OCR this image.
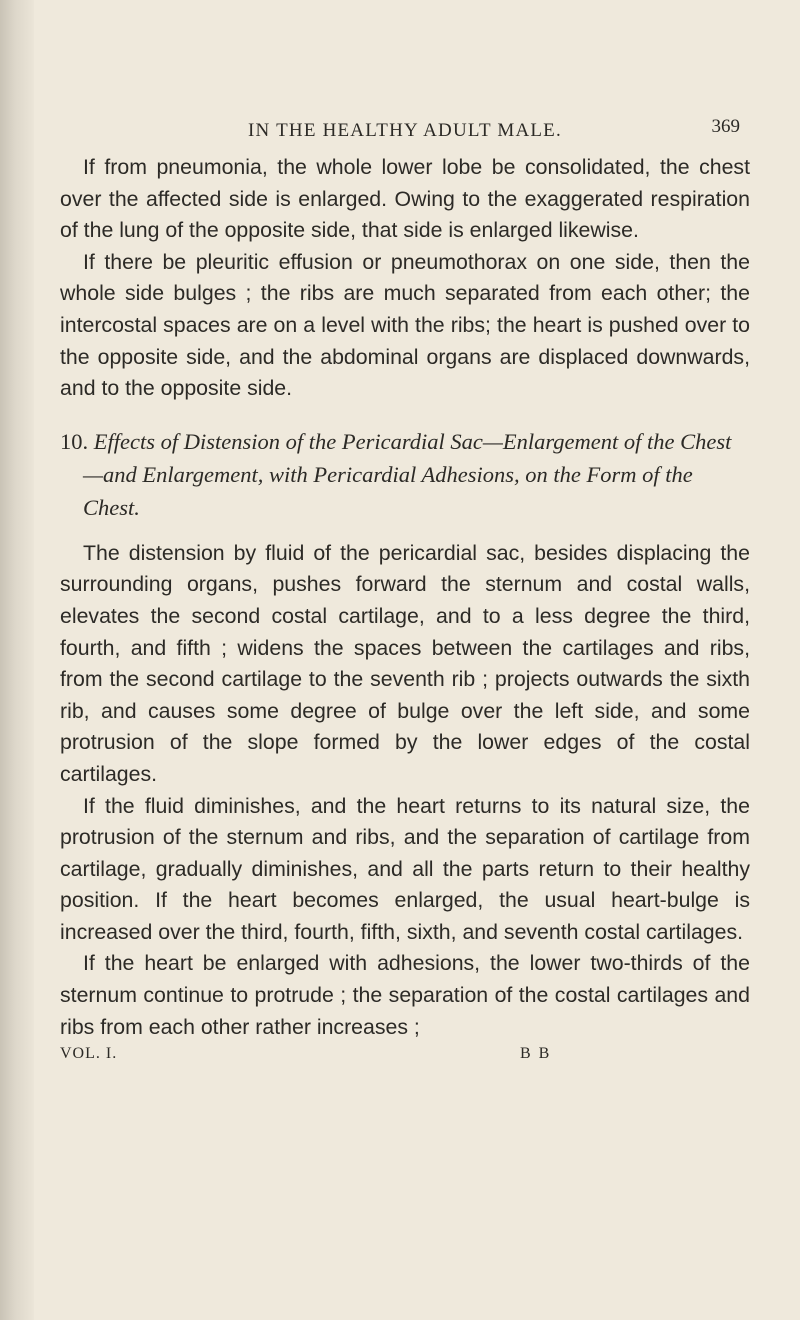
IN THE HEALTHY ADULT MALE.	369

If from pneumonia, the whole lower lobe be consolidated, the chest over the affected side is enlarged. Owing to the exaggerated respiration of the lung of the opposite side, that side is enlarged likewise.

If there be pleuritic effusion or pneumothorax on one side, then the whole side bulges ; the ribs are much separated from each other; the intercostal spaces are on a level with the ribs; the heart is pushed over to the opposite side, and the abdominal organs are displaced downwards, and to the opposite side.

10. Effects of Distension of the Pericardial Sac—Enlargement of the Chest—and Enlargement, with Pericardial Adhesions, on the Form of the Chest.

The distension by fluid of the pericardial sac, besides displacing the surrounding organs, pushes forward the sternum and costal walls, elevates the second costal cartilage, and to a less degree the third, fourth, and fifth ; widens the spaces between the cartilages and ribs, from the second cartilage to the seventh rib ; projects outwards the sixth rib, and causes some degree of bulge over the left side, and some protrusion of the slope formed by the lower edges of the costal cartilages.

If the fluid diminishes, and the heart returns to its natural size, the protrusion of the sternum and ribs, and the separation of cartilage from cartilage, gradually diminishes, and all the parts return to their healthy position. If the heart becomes enlarged, the usual heart-bulge is increased over the third, fourth, fifth, sixth, and seventh costal cartilages.

If the heart be enlarged with adhesions, the lower two-thirds of the sternum continue to protrude ; the separation of the costal cartilages and ribs from each other rather increases ;

VOL. I.	B B
